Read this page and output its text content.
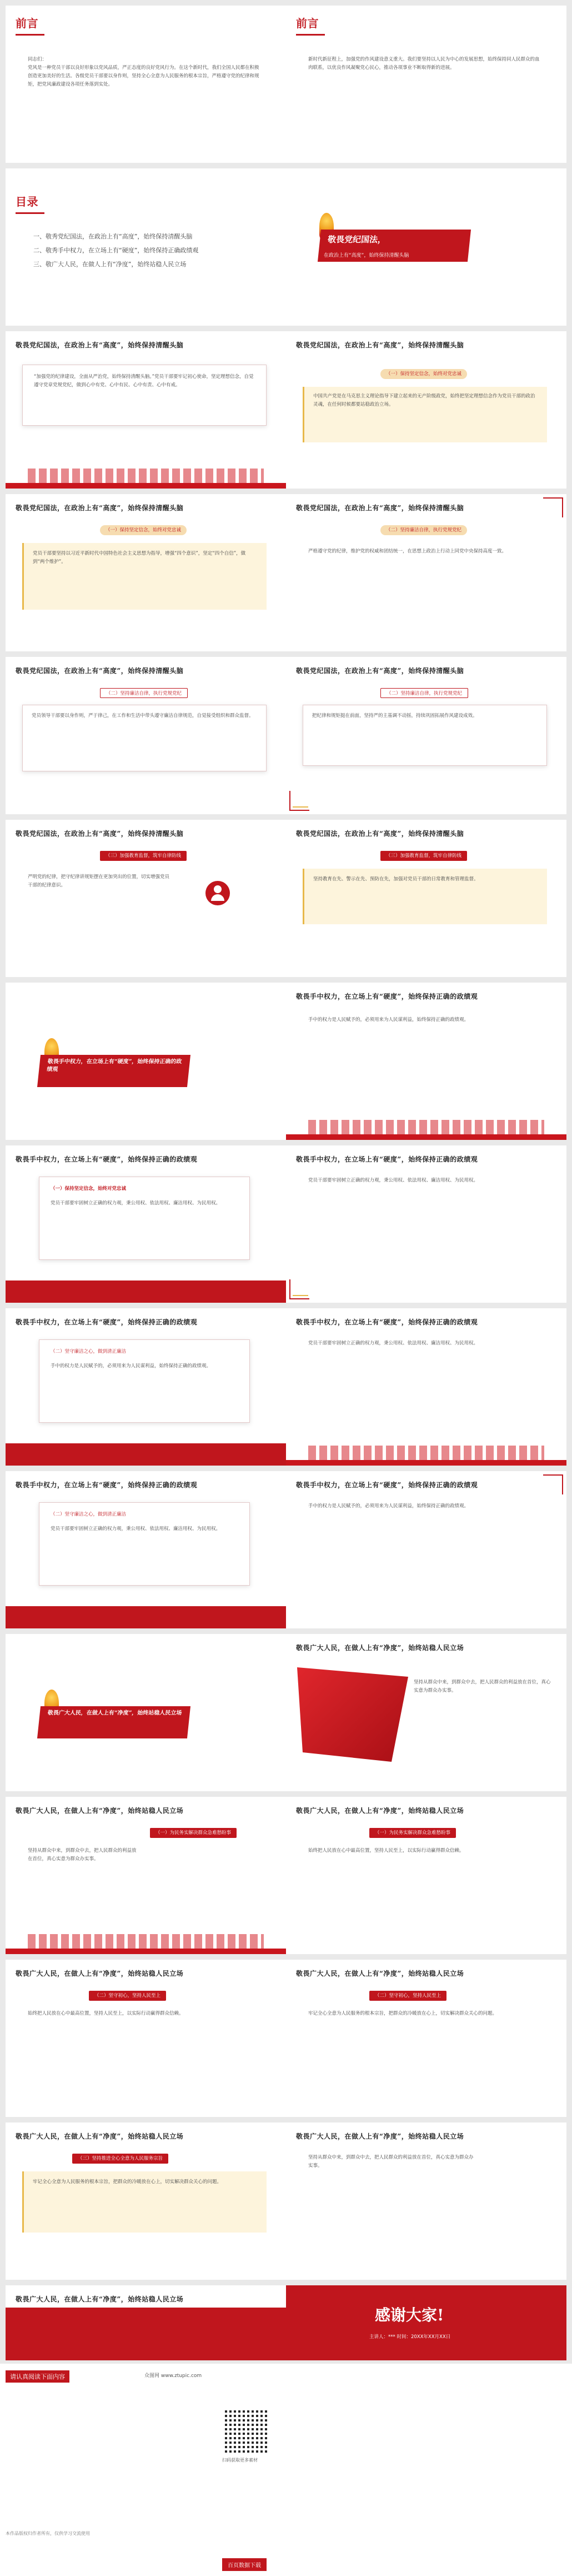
前言
同志们：
党风是一种党员干部以良好形象以党风品质，严正态度的良好党风行为。在这个新时代，我们全国人民都在积极创造更加美好的生活。各级党员干部要以身作则，坚持全心全意为人民服务的根本宗旨，严格遵守党的纪律和规矩，把党风廉政建设各项任务落到实处。
前言
新时代新征程上，加强党的作风建设意义重大。我们要坚持以人民为中心的发展思想，始终保持同人民群众的血肉联系，以优良作风凝聚党心民心，推动各项事业不断取得新的进展。
目录
一、敬秀党纪国法，在政治上有“高度”，始终保持清醒头脑
二、敬秀手中权力，在立场上有“硬度”，始终保持正确政绩观
三、敬广大人民，在做人上有“净度”，始终站稳人民立场
敬畏党纪国法，
在政治上有“高度”，始终保持清醒头脑
敬畏党纪国法，在政治上有“高度”，始终保持清醒头脑
“加强党的纪律建设，全面从严治党，始终保持清醒头脑。”党员干部要牢记初心使命，坚定理想信念，自觉遵守党章党规党纪，做到心中有党、心中有民、心中有责、心中有戒。
敬畏党纪国法，在政治上有“高度”，始终保持清醒头脑
（一）保持坚定信念，始终对党忠诚
中国共产党是在马克思主义理论指导下建立起来的无产阶级政党，始终把坚定理想信念作为党员干部的政治灵魂，在任何时候都要站稳政治立场。
敬畏党纪国法，在政治上有“高度”，始终保持清醒头脑
（一）保持坚定信念，始终对党忠诚
党员干部要坚持以习近平新时代中国特色社会主义思想为指导，增强“四个意识”，坚定“四个自信”，做到“两个维护”。
敬畏党纪国法，在政治上有“高度”，始终保持清醒头脑
（二）坚持廉洁自律，执行党规党纪
严格遵守党的纪律，维护党的权威和团结统一，在思想上政治上行动上同党中央保持高度一致。
敬畏党纪国法，在政治上有“高度”，始终保持清醒头脑
（二）坚持廉洁自律，执行党规党纪
党员领导干部要以身作则，严于律己，在工作和生活中带头遵守廉洁自律规范，自觉接受组织和群众监督。
敬畏党纪国法，在政治上有“高度”，始终保持清醒头脑
（二）坚持廉洁自律，执行党规党纪
把纪律和规矩挺在前面，坚持严的主基调不动摇，持续巩固拓展作风建设成效。
敬畏党纪国法，在政治上有“高度”，始终保持清醒头脑
（三）加强教育监督，筑牢自律防线
严明党的纪律，把守纪律讲规矩摆在更加突出的位置，切实增强党员干部的纪律意识。
敬畏党纪国法，在政治上有“高度”，始终保持清醒头脑
（三）加强教育监督，筑牢自律防线
坚持教育在先、警示在先、预防在先，加强对党员干部的日常教育和管理监督。
敬畏手中权力，在立场上有“硬度”，始终保持正确的政绩观
敬畏手中权力，在立场上有“硬度”，始终保持正确的政绩观
手中的权力是人民赋予的，必须用来为人民谋利益，始终保持正确的政绩观。
敬畏手中权力，在立场上有“硬度”，始终保持正确的政绩观
（一）保持坚定信念，始终对党忠诚
党员干部要牢固树立正确的权力观，秉公用权、依法用权、廉洁用权、为民用权。
敬畏手中权力，在立场上有“硬度”，始终保持正确的政绩观
党员干部要牢固树立正确的权力观，秉公用权、依法用权、廉洁用权、为民用权。
敬畏手中权力，在立场上有“硬度”，始终保持正确的政绩观
（二）坚守廉洁之心，做到清正廉洁
手中的权力是人民赋予的，必须用来为人民谋利益，始终保持正确的政绩观。
敬畏手中权力，在立场上有“硬度”，始终保持正确的政绩观
党员干部要牢固树立正确的权力观，秉公用权、依法用权、廉洁用权、为民用权。
敬畏手中权力，在立场上有“硬度”，始终保持正确的政绩观
（二）坚守廉洁之心，做到清正廉洁
党员干部要牢固树立正确的权力观，秉公用权、依法用权、廉洁用权、为民用权。
敬畏手中权力，在立场上有“硬度”，始终保持正确的政绩观
手中的权力是人民赋予的，必须用来为人民谋利益，始终保持正确的政绩观。
敬畏广大人民，在做人上有“净度”，始终站稳人民立场
敬畏广大人民，在做人上有“净度”，始终站稳人民立场
坚持从群众中来，到群众中去，把人民群众的利益放在首位，真心实意为群众办实事。
敬畏广大人民，在做人上有“净度”，始终站稳人民立场
（一）为民务实解决群众急难愁盼事
坚持从群众中来，到群众中去，把人民群众的利益放在首位，真心实意为群众办实事。
敬畏广大人民，在做人上有“净度”，始终站稳人民立场
（一）为民务实解决群众急难愁盼事
始终把人民放在心中最高位置，坚持人民至上，以实际行动赢得群众信赖。
敬畏广大人民，在做人上有“净度”，始终站稳人民立场
（二）坚守初心，坚持人民至上
始终把人民放在心中最高位置，坚持人民至上，以实际行动赢得群众信赖。
敬畏广大人民，在做人上有“净度”，始终站稳人民立场
（二）坚守初心，坚持人民至上
牢记全心全意为人民服务的根本宗旨，把群众的冷暖放在心上，切实解决群众关心的问题。
敬畏广大人民，在做人上有“净度”，始终站稳人民立场
（三）坚持推进全心全意为人民服务宗旨
牢记全心全意为人民服务的根本宗旨，把群众的冷暖放在心上，切实解决群众关心的问题。
敬畏广大人民，在做人上有“净度”，始终站稳人民立场
坚持从群众中来，到群众中去，把人民群众的利益放在首位，真心实意为群众办实事。
敬畏广大人民，在做人上有“净度”，始终站稳人民立场
感谢大家!
主讲人：*** 时间：20XX年XX月XX日
请认真阅读下面内容	众图网 www.ztupic.com
扫码获取更多素材
本作品版权归作者所有，仅供学习交流使用
百页数据下载
